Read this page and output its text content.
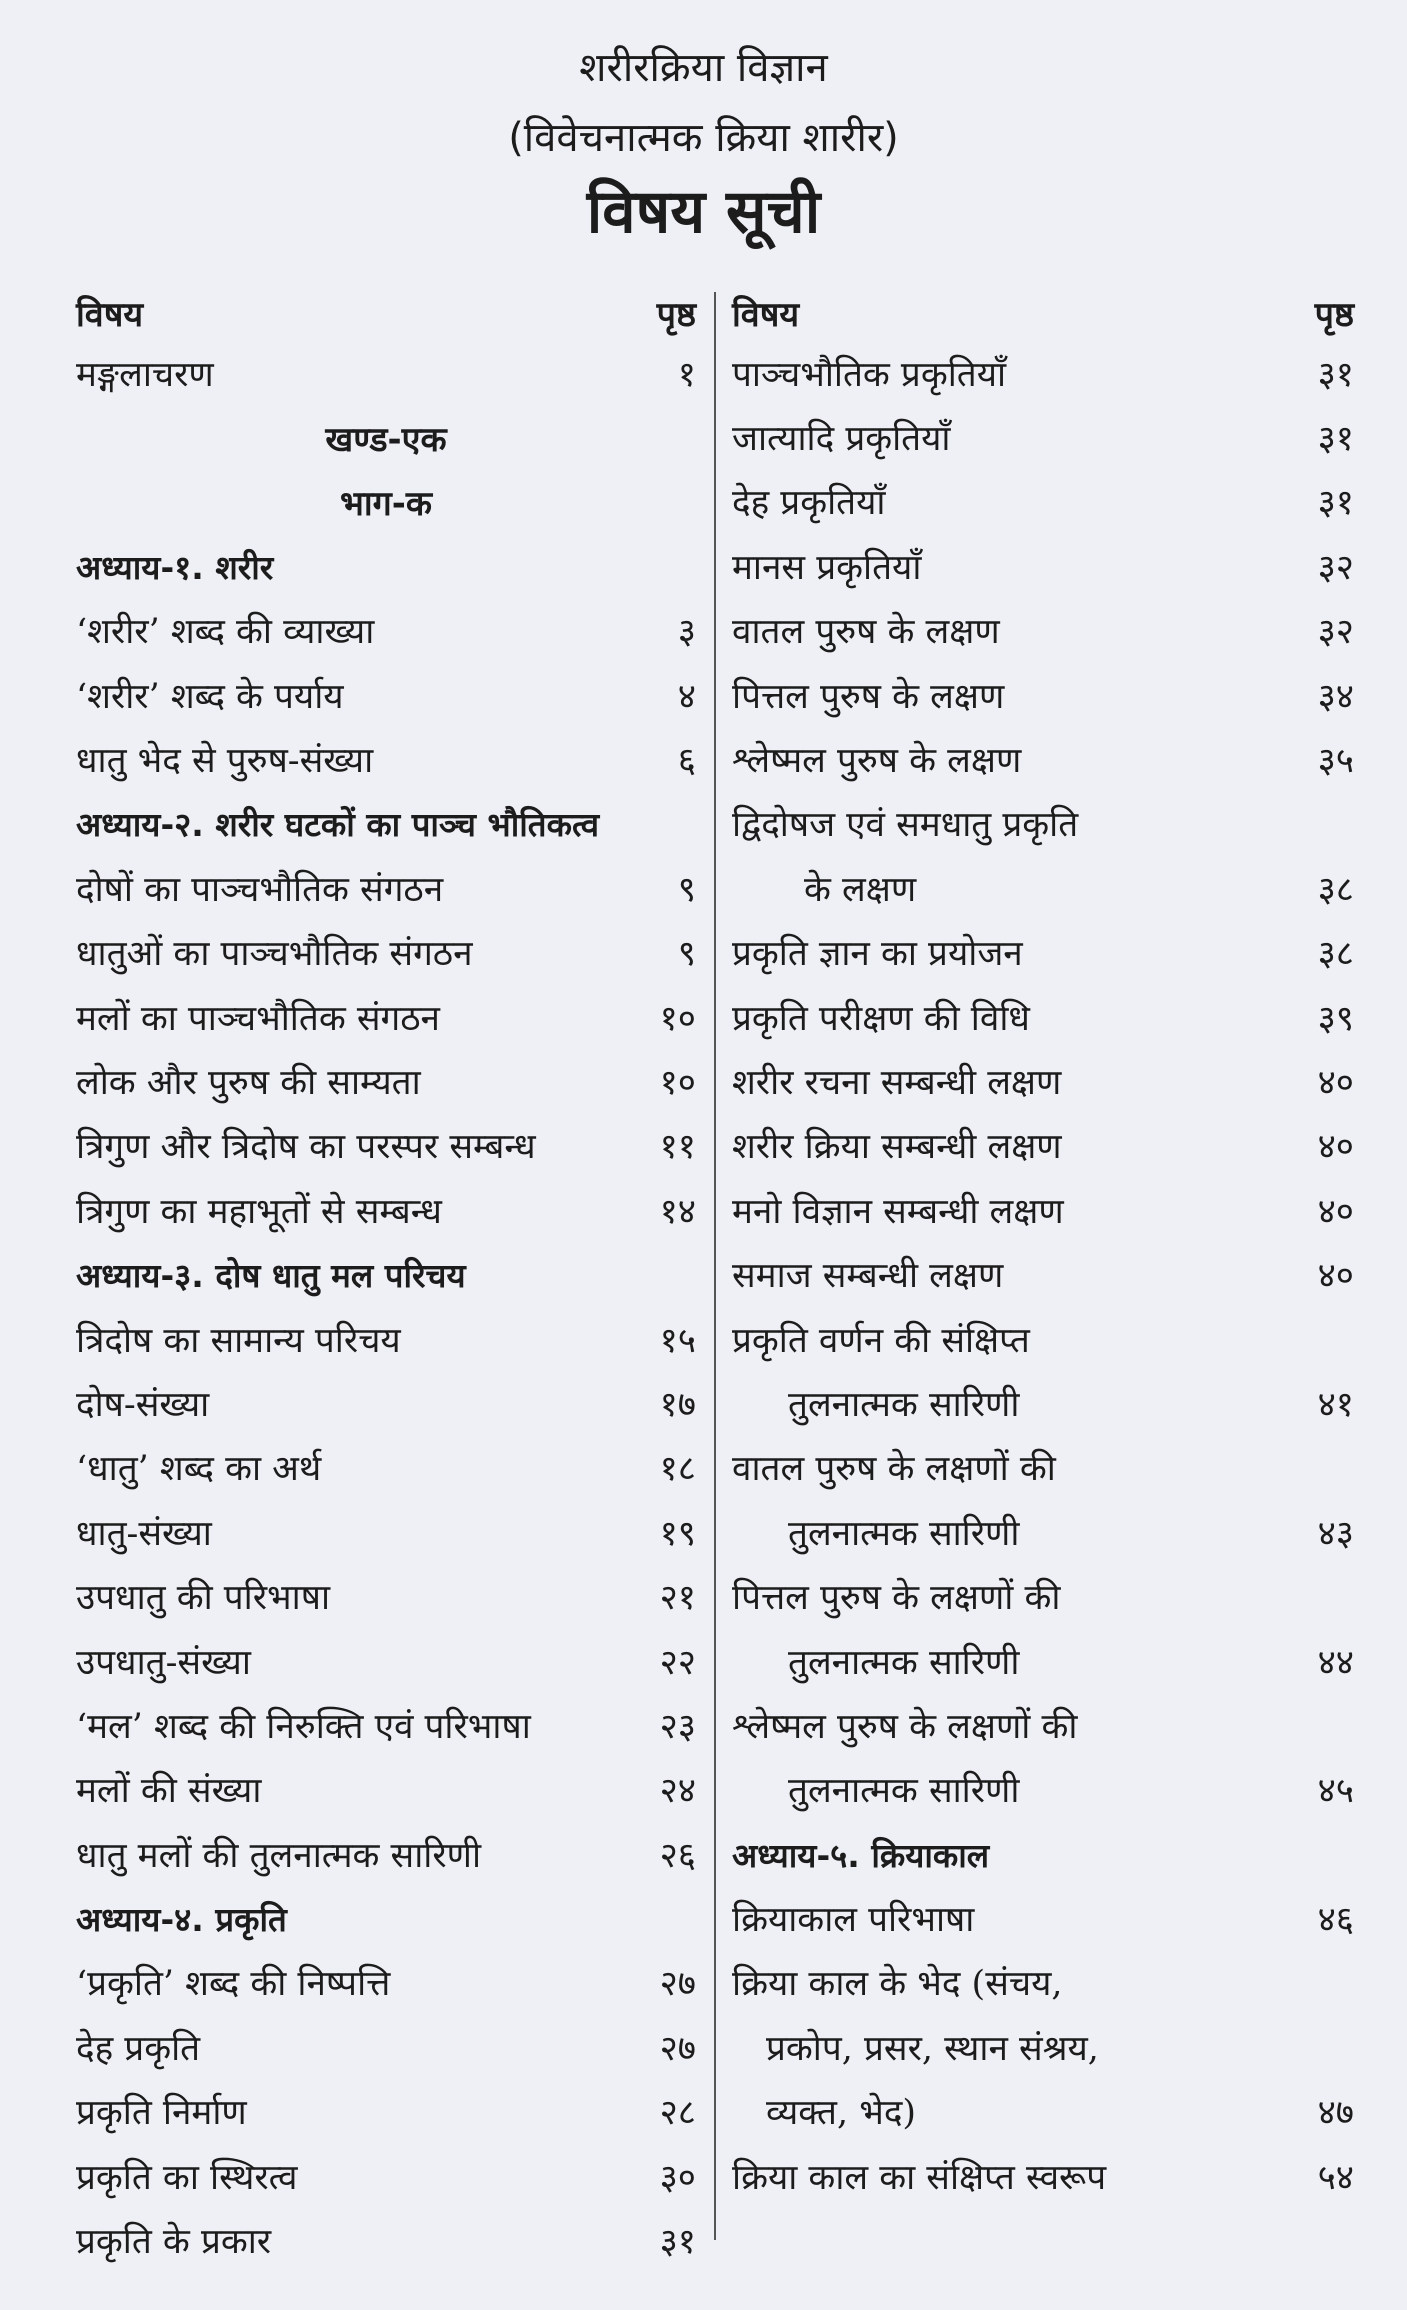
शरीरक्रिया विज्ञान
(विवेचनात्मक क्रिया शारीर)
विषय सूची
विषय	पृष्ठ
मङ्गलाचरण	१
खण्ड-एक
भाग-क
अध्याय-१. शरीर
‘शरीर’ शब्द की व्याख्या	३
‘शरीर’ शब्द के पर्याय	४
धातु भेद से पुरुष-संख्या	६
अध्याय-२. शरीर घटकों का पाञ्च भौतिकत्व
दोषों का पाञ्चभौतिक संगठन	९
धातुओं का पाञ्चभौतिक संगठन	९
मलों का पाञ्चभौतिक संगठन	१०
लोक और पुरुष की साम्यता	१०
त्रिगुण और त्रिदोष का परस्पर सम्बन्ध	११
त्रिगुण का महाभूतों से सम्बन्ध	१४
अध्याय-३. दोष धातु मल परिचय
त्रिदोष का सामान्य परिचय	१५
दोष-संख्या	१७
‘धातु’ शब्द का अर्थ	१८
धातु-संख्या	१९
उपधातु की परिभाषा	२१
उपधातु-संख्या	२२
‘मल’ शब्द की निरुक्ति एवं परिभाषा	२३
मलों की संख्या	२४
धातु मलों की तुलनात्मक सारिणी	२६
अध्याय-४. प्रकृति
‘प्रकृति’ शब्द की निष्पत्ति	२७
देह प्रकृति	२७
प्रकृति निर्माण	२८
प्रकृति का स्थिरत्व	३०
प्रकृति के प्रकार	३१
विषय	पृष्ठ
पाञ्चभौतिक प्रकृतियाँ	३१
जात्यादि प्रकृतियाँ	३१
देह प्रकृतियाँ	३१
मानस प्रकृतियाँ	३२
वातल पुरुष के लक्षण	३२
पित्तल पुरुष के लक्षण	३४
श्लेष्मल पुरुष के लक्षण	३५
द्विदोषज एवं समधातु प्रकृति
के लक्षण	३८
प्रकृति ज्ञान का प्रयोजन	३८
प्रकृति परीक्षण की विधि	३९
शरीर रचना सम्बन्धी लक्षण	४०
शरीर क्रिया सम्बन्धी लक्षण	४०
मनो विज्ञान सम्बन्धी लक्षण	४०
समाज सम्बन्धी लक्षण	४०
प्रकृति वर्णन की संक्षिप्त
तुलनात्मक सारिणी	४१
वातल पुरुष के लक्षणों की
तुलनात्मक सारिणी	४३
पित्तल पुरुष के लक्षणों की
तुलनात्मक सारिणी	४४
श्लेष्मल पुरुष के लक्षणों की
तुलनात्मक सारिणी	४५
अध्याय-५. क्रियाकाल
क्रियाकाल परिभाषा	४६
क्रिया काल के भेद (संचय,
प्रकोप, प्रसर, स्थान संश्रय,
व्यक्त, भेद)	४७
क्रिया काल का संक्षिप्त स्वरूप	५४
